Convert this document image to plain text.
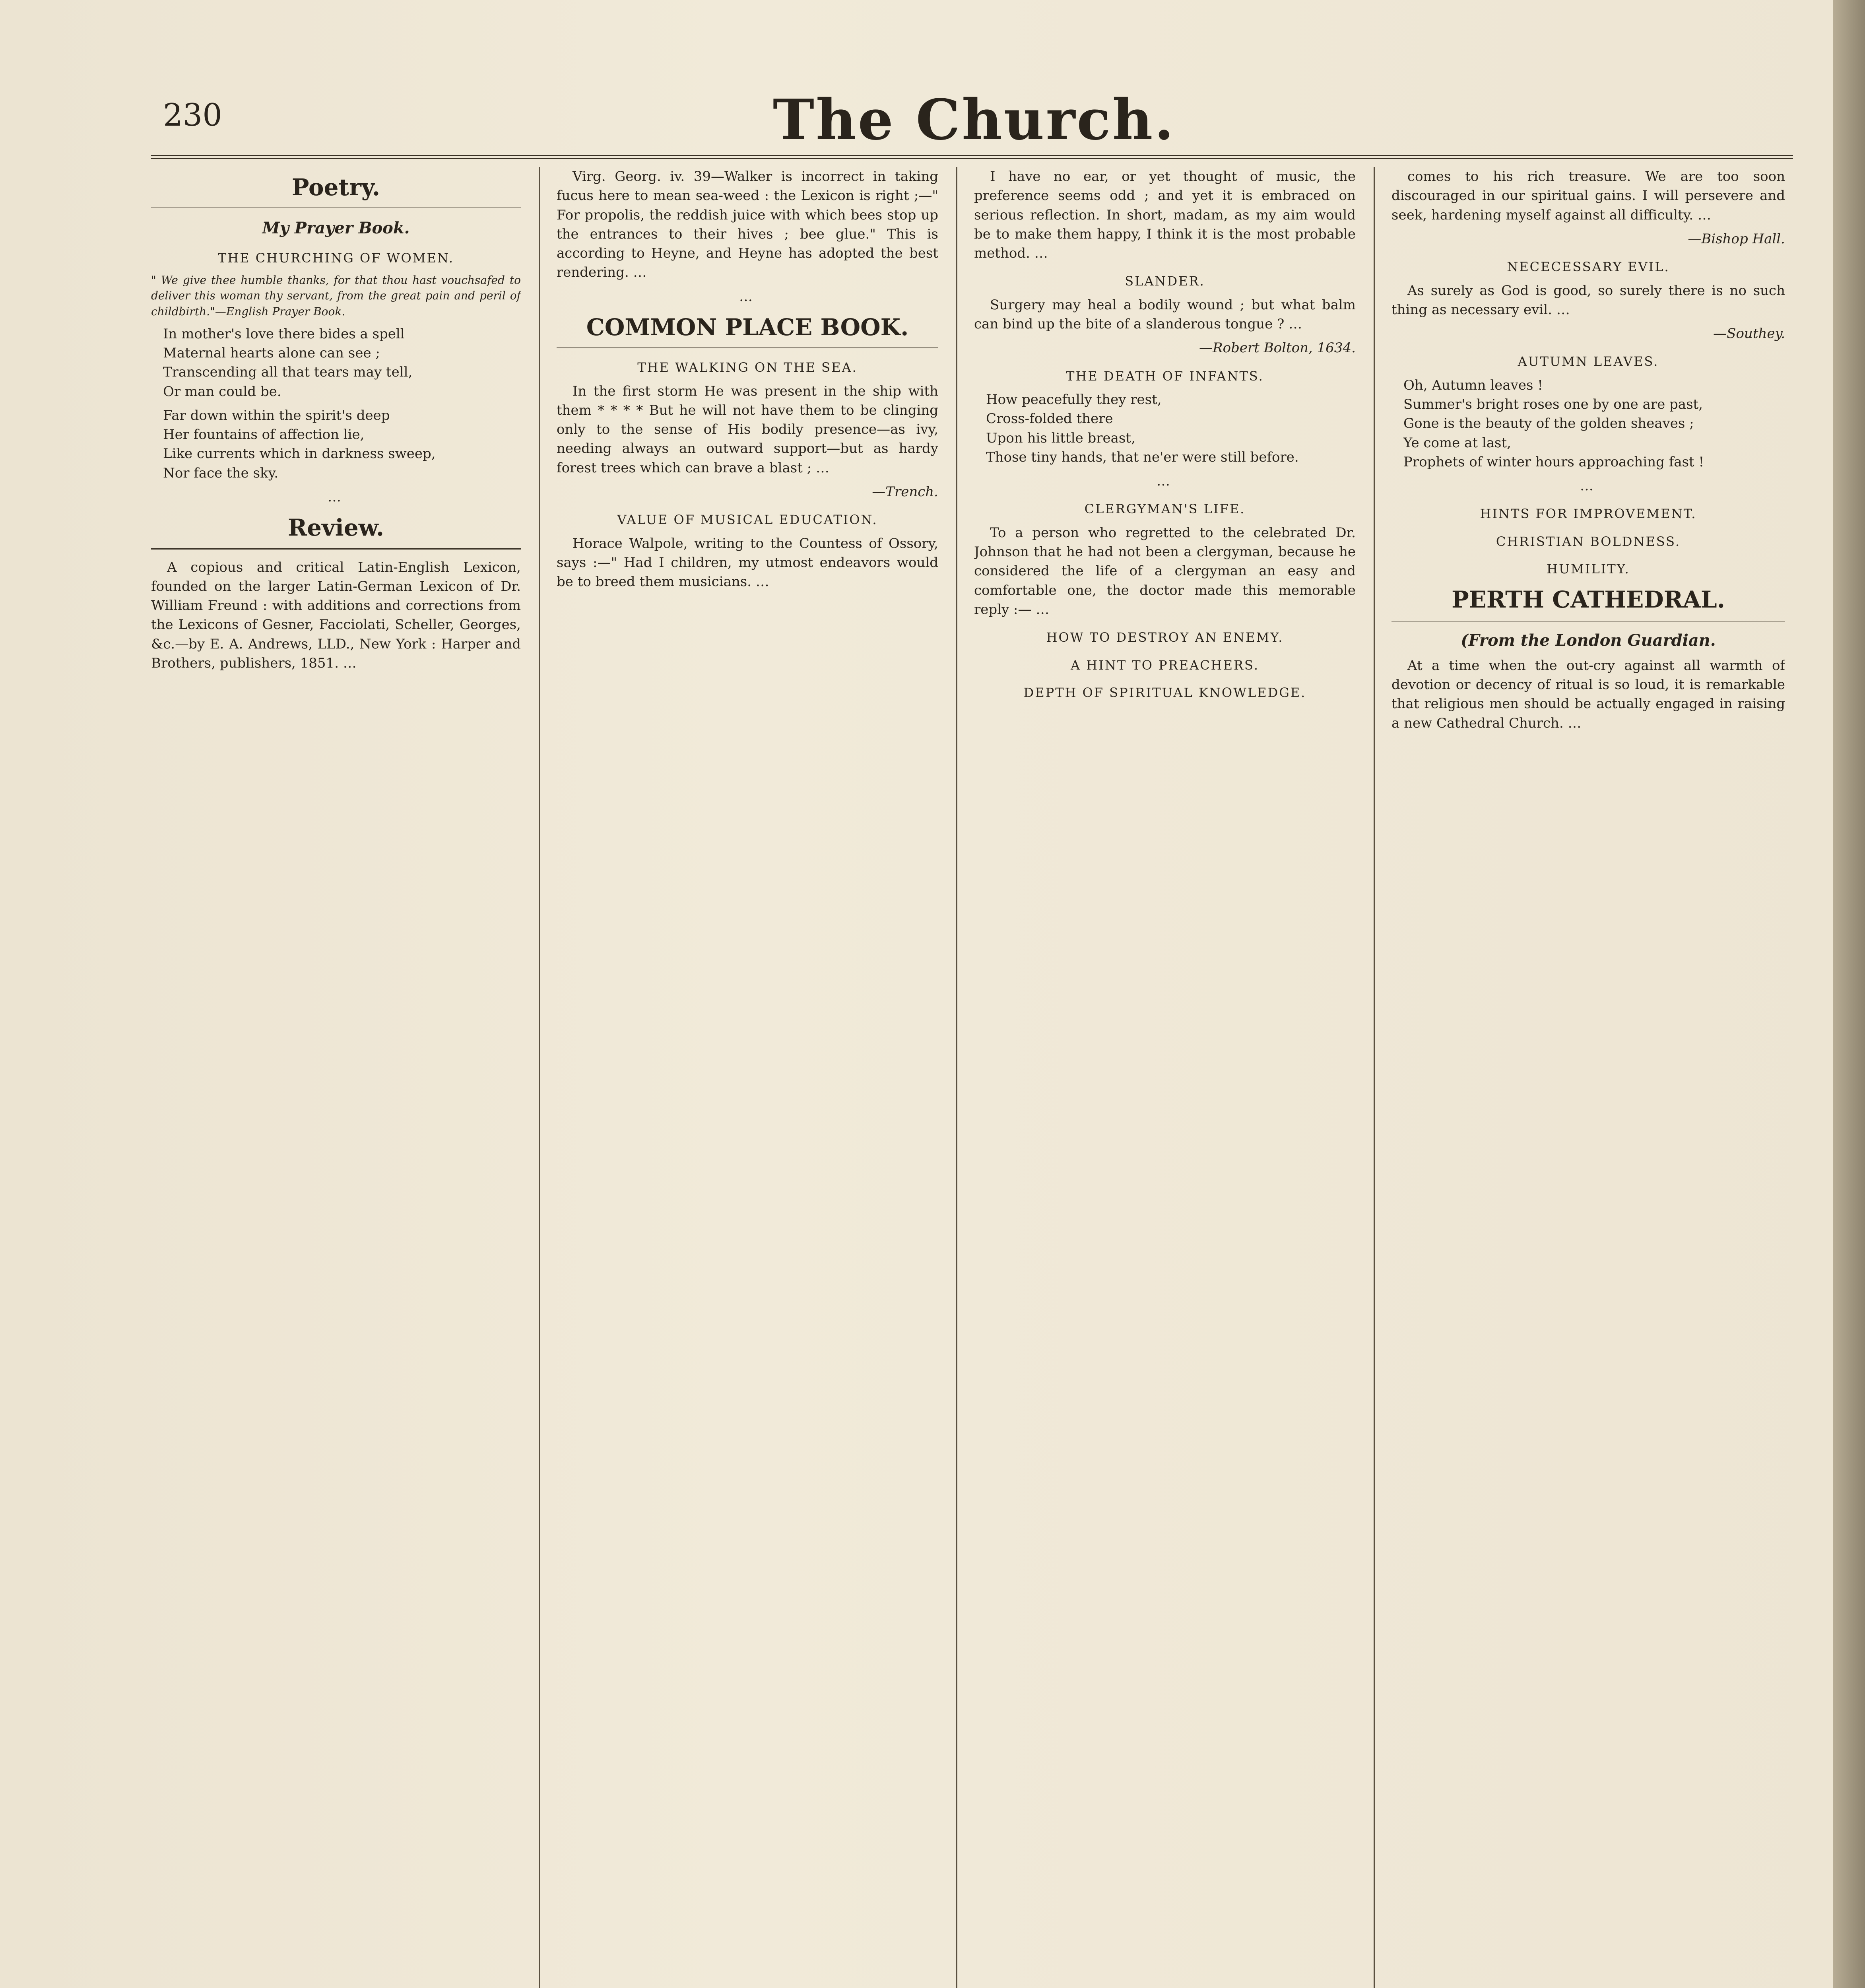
230	The Church.
Poetry.
My Prayer Book.
THE CHURCHING OF WOMEN.

" We give thee humble thanks, for that thou hast vouchsafed to deliver this woman thy servant, from the great pain and peril of childbirth."—English Prayer Book.

In mother's love there bides a spell
Maternal hearts alone can see ;
Transcending all that tears may tell,
Or man could be.

Far down within the spirit's deep
Her fountains of affection lie,
Like currents which in darkness sweep,
Nor face the sky.

…

Review.

A copious and critical Latin-English Lexicon, founded on the larger Latin-German Lexicon of Dr. William Freund : with additions and corrections from the Lexicons of Gesner, Facciolati, Scheller, Georges, &c.—by E. A. Andrews, LLD., New York : Harper and Brothers, publishers, 1851. …

Virg. Georg. iv. 39—Walker is incorrect in taking fucus here to mean sea-weed : the Lexicon is right ;—" For propolis, the reddish juice with which bees stop up the entrances to their hives ; bee glue." This is according to Heyne, and Heyne has adopted the best rendering. …

…

COMMON PLACE BOOK.
THE WALKING ON THE SEA.

In the first storm He was present in the ship with them * * * * But he will not have them to be clinging only to the sense of His bodily presence—as ivy, needing always an outward support—but as hardy forest trees which can brave a blast ; …

—Trench.

VALUE OF MUSICAL EDUCATION.

Horace Walpole, writing to the Countess of Ossory, says :—" Had I children, my utmost endeavors would be to breed them musicians. …

I have no ear, or yet thought of music, the preference seems odd ; and yet it is embraced on serious reflection. In short, madam, as my aim would be to make them happy, I think it is the most probable method. …

SLANDER.

Surgery may heal a bodily wound ; but what balm can bind up the bite of a slanderous tongue ? …

—Robert Bolton, 1634.

THE DEATH OF INFANTS.

How peacefully they rest,
Cross-folded there
Upon his little breast,
Those tiny hands, that ne'er were still before.

…

CLERGYMAN'S LIFE.

To a person who regretted to the celebrated Dr. Johnson that he had not been a clergyman, because he considered the life of a clergyman an easy and comfortable one, the doctor made this memorable reply :— …

HOW TO DESTROY AN ENEMY.
A HINT TO PREACHERS.
DEPTH OF SPIRITUAL KNOWLEDGE.

comes to his rich treasure. We are too soon discouraged in our spiritual gains. I will persevere and seek, hardening myself against all difficulty. …

—Bishop Hall.

NECECESSARY EVIL.

As surely as God is good, so surely there is no such thing as necessary evil. …

—Southey.

AUTUMN LEAVES.

Oh, Autumn leaves !
Summer's bright roses one by one are past,
Gone is the beauty of the golden sheaves ;
Ye come at last,
Prophets of winter hours approaching fast !

…

HINTS FOR IMPROVEMENT.
CHRISTIAN BOLDNESS.
HUMILITY.
PERTH CATHEDRAL.
(From the London Guardian.

At a time when the out-cry against all warmth of devotion or decency of ritual is so loud, it is remarkable that religious men should be actually engaged in raising a new Cathedral Church. …
